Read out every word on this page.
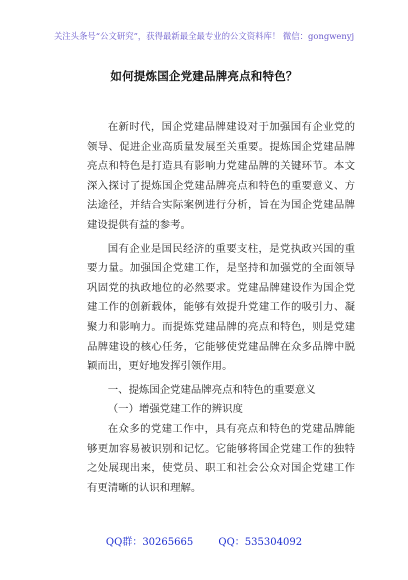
关注头条号“公文研究”，获得最新最全最专业的公文资料库！ 微信：gongwenyj
如何提炼国企党建品牌亮点和特色？

在新时代，国企党建品牌建设对于加强国有企业党的领导、促进企业高质量发展至关重要。提炼国企党建品牌亮点和特色是打造具有影响力党建品牌的关键环节。本文深入探讨了提炼国企党建品牌亮点和特色的重要意义、方法途径，并结合实际案例进行分析，旨在为国企党建品牌建设提供有益的参考。

国有企业是国民经济的重要支柱，是党执政兴国的重要力量。加强国企党建工作，是坚持和加强党的全面领导巩固党的执政地位的必然要求。党建品牌建设作为国企党建工作的创新载体，能够有效提升党建工作的吸引力、凝聚力和影响力。而提炼党建品牌的亮点和特色，则是党建品牌建设的核心任务，它能够使党建品牌在众多品牌中脱颖而出，更好地发挥引领作用。

一、提炼国企党建品牌亮点和特色的重要意义

（一）增强党建工作的辨识度

在众多的党建工作中，具有亮点和特色的党建品牌能够更加容易被识别和记忆。它能够将国企党建工作的独特之处展现出来，使党员、职工和社会公众对国企党建工作有更清晰的认识和理解。

QQ群：30265665	QQ：535304092
